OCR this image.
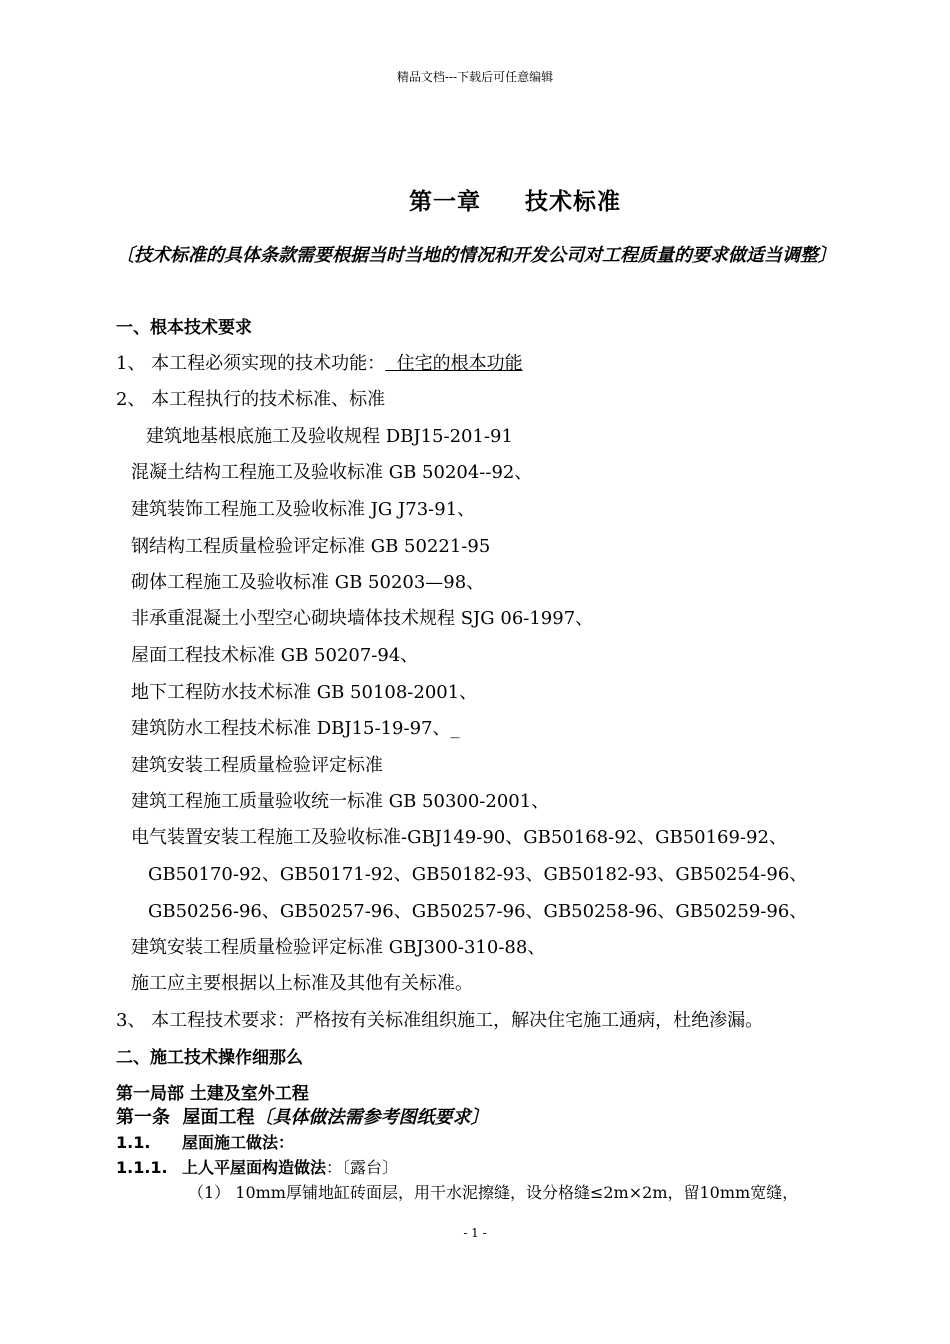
精品文档---下载后可任意编辑
第一章 技术标准
〔技术标准的具体条款需要根据当时当地的情况和开发公司对工程质量的要求做适当调整〕
一、根本技术要求
1、 本工程必须实现的技术功能：  住宅的根本功能
2、 本工程执行的技术标准、标准
建筑地基根底施工及验收规程 DBJ15-201-91
混凝土结构工程施工及验收标准 GB 50204--92、
建筑装饰工程施工及验收标准 JG J73-91、
钢结构工程质量检验评定标准 GB 50221-95
砌体工程施工及验收标准 GB 50203—98、
非承重混凝土小型空心砌块墙体技术规程 SJG 06-1997、
屋面工程技术标准 GB 50207-94、
地下工程防水技术标准 GB 50108-2001、
建筑防水工程技术标准 DBJ15-19-97、_
建筑安装工程质量检验评定标准
建筑工程施工质量验收统一标准 GB 50300-2001、
电气装置安装工程施工及验收标准-GBJ149-90、GB50168-92、GB50169-92、
GB50170-92、GB50171-92、GB50182-93、GB50182-93、GB50254-96、
GB50256-96、GB50257-96、GB50257-96、GB50258-96、GB50259-96、
建筑安装工程质量检验评定标准 GBJ300-310-88、
施工应主要根据以上标准及其他有关标准。
3、 本工程技术要求：严格按有关标准组织施工，解决住宅施工通病，杜绝渗漏。
二、施工技术操作细那么
第一局部 土建及室外工程
第一条  屋面工程〔具体做法需参考图纸要求〕
1.1. 屋面施工做法：
1.1.1. 上人平屋面构造做法：〔露台〕
（1） 10mm厚铺地缸砖面层，用干水泥擦缝，设分格缝≤2m×2m，留10mm宽缝，
- 1 -
